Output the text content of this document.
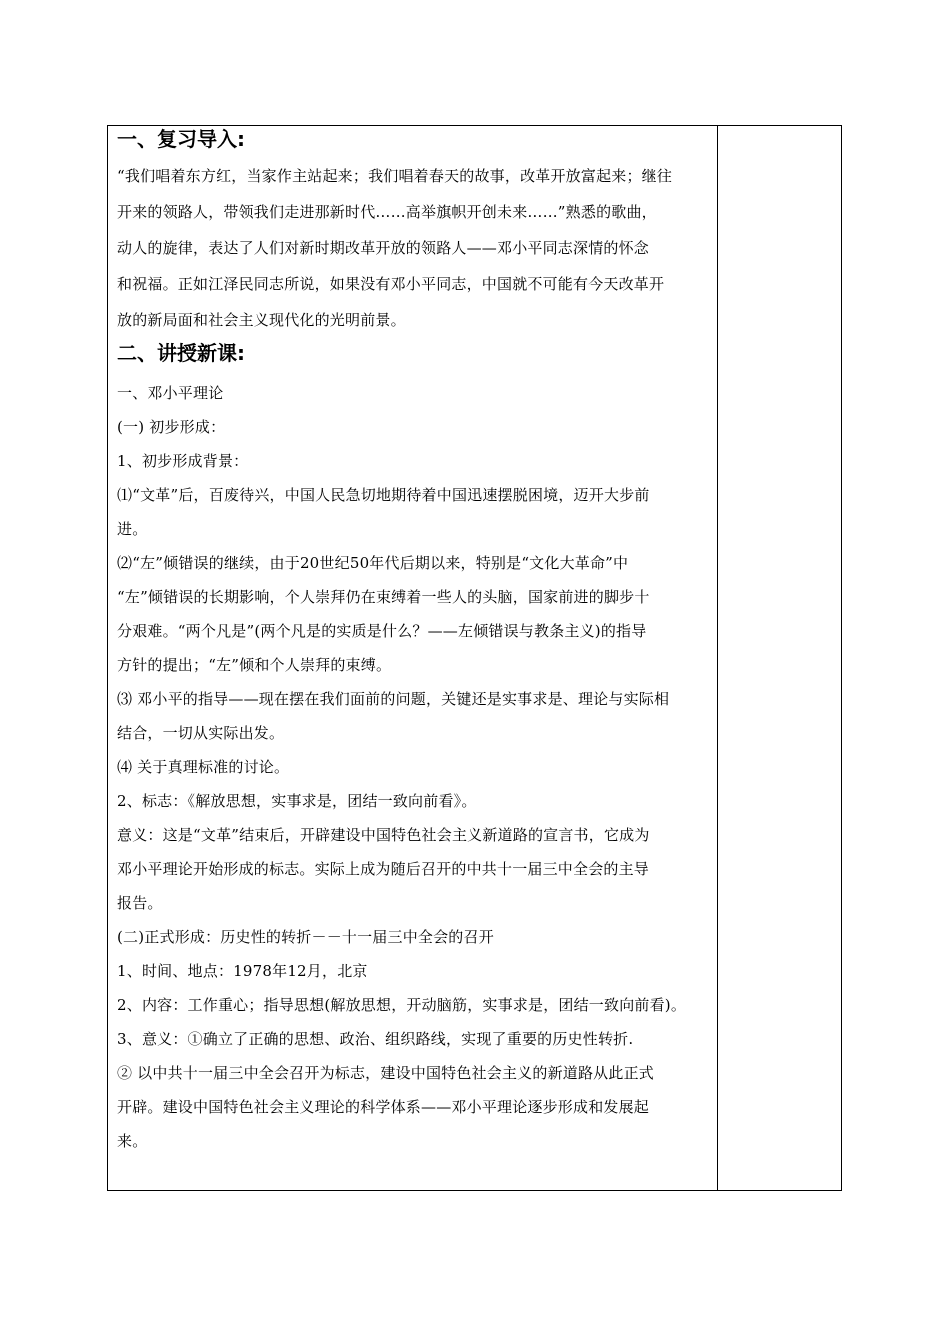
一、复习导入:

“我们唱着东方红，当家作主站起来；我们唱着春天的故事，改革开放富起来；继往

开来的领路人，带领我们走进那新时代……高举旗帜开创未来……”熟悉的歌曲，

动人的旋律，表达了人们对新时期改革开放的领路人——邓小平同志深情的怀念

和祝福。正如江泽民同志所说，如果没有邓小平同志，中国就不可能有今天改革开

放的新局面和社会主义现代化的光明前景。

二、讲授新课:

一、邓小平理论

(一) 初步形成：

1、初步形成背景：

⑴“文革”后，百废待兴，中国人民急切地期待着中国迅速摆脱困境，迈开大步前

进。

⑵“左”倾错误的继续，由于20世纪50年代后期以来，特别是“文化大革命”中

“左”倾错误的长期影响，个人崇拜仍在束缚着一些人的头脑，国家前进的脚步十

分艰难。“两个凡是”(两个凡是的实质是什么？——左倾错误与教条主义)的指导

方针的提出；“左”倾和个人崇拜的束缚。

⑶ 邓小平的指导——现在摆在我们面前的问题，关键还是实事求是、理论与实际相

结合，一切从实际出发。

⑷ 关于真理标准的讨论。

2、标志：《解放思想，实事求是，团结一致向前看》。

意义：这是“文革”结束后，开辟建设中国特色社会主义新道路的宣言书，它成为

邓小平理论开始形成的标志。实际上成为随后召开的中共十一届三中全会的主导

报告。

(二)正式形成：历史性的转折－－十一届三中全会的召开

1、时间、地点：1978年12月，北京

2、内容：工作重心；指导思想(解放思想，开动脑筋，实事求是，团结一致向前看)。

3、意义：①确立了正确的思想、政治、组织路线，实现了重要的历史性转折.

② 以中共十一届三中全会召开为标志，建设中国特色社会主义的新道路从此正式

开辟。建设中国特色社会主义理论的科学体系——邓小平理论逐步形成和发展起

来。
